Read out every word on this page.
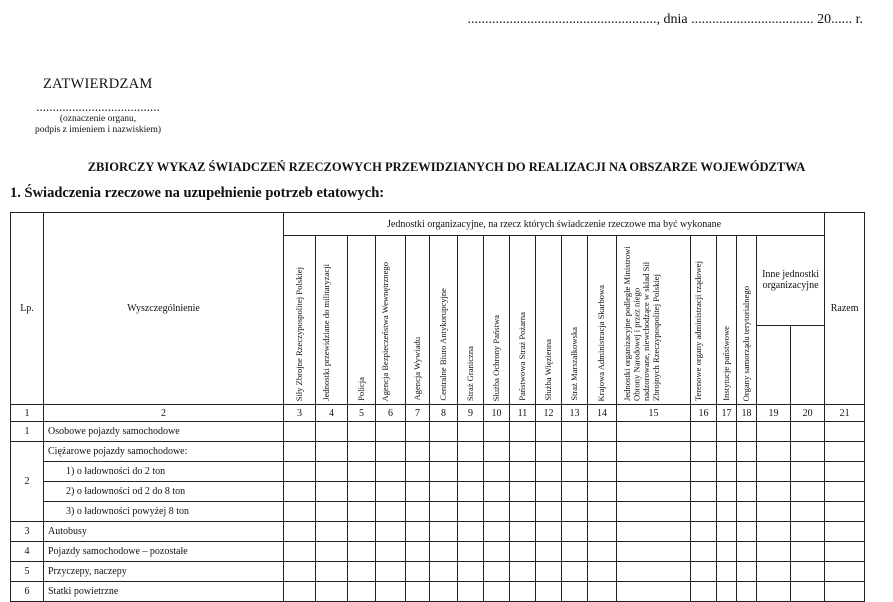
......................................................, dnia ................................... 20...... r.
ZATWIERDZAM
......................................
(oznaczenie organu,
podpis z imieniem i nazwiskiem)
ZBIORCZY WYKAZ ŚWIADCZEŃ RZECZOWYCH PRZEWIDZIANYCH DO REALIZACJI NA OBSZARZE WOJEWÓDZTWA
1. Świadczenia rzeczowe na uzupełnienie potrzeb etatowych:
Lp.	Wyszczególnienie	Jednostki organizacyjne, na rzecz których świadczenie rzeczowe ma być wykonane																		Razem

		Siły Zbrojne Rzeczypospolitej Polskiej	Jednostki przewidziane do militaryzacji	Policja	Agencja Bezpieczeństwa Wewnętrznego	Agencja Wywiadu	Centralne Biuro Antykorupcyjne	Straż Graniczna	Służba Ochrony Państwa	Państwowa Straż Pożarna	Służba Więzienna	Straż Marszałkowska	Krajowa Administracja Skarbowa	Jednostki organizacyjne podległe Ministrowi Obrony Narodowej i przez niego nadzorowane, niewchodzące w skład Sił Zbrojnych Rzeczypospolitej Polskiej	Terenowe organy administracji rządowej	Instytucje państwowe	Organy samorządu terytorialnego	Inne jednostki organizacyjne		

1	2	3	4	5	6	7	8	9	10	11	12	13	14	15	16	17	18	19	20	21
1	Osobowe pojazdy samochodowe																			
2	Ciężarowe pojazdy samochodowe:																			
	1) o ładowności do 2 ton																			
	2) o ładowności od 2 do 8 ton																			
	3) o ładowności powyżej 8 ton																			
3	Autobusy																			
4	Pojazdy samochodowe – pozostałe																			
5	Przyczepy, naczepy																			
6	Statki powietrzne																			
